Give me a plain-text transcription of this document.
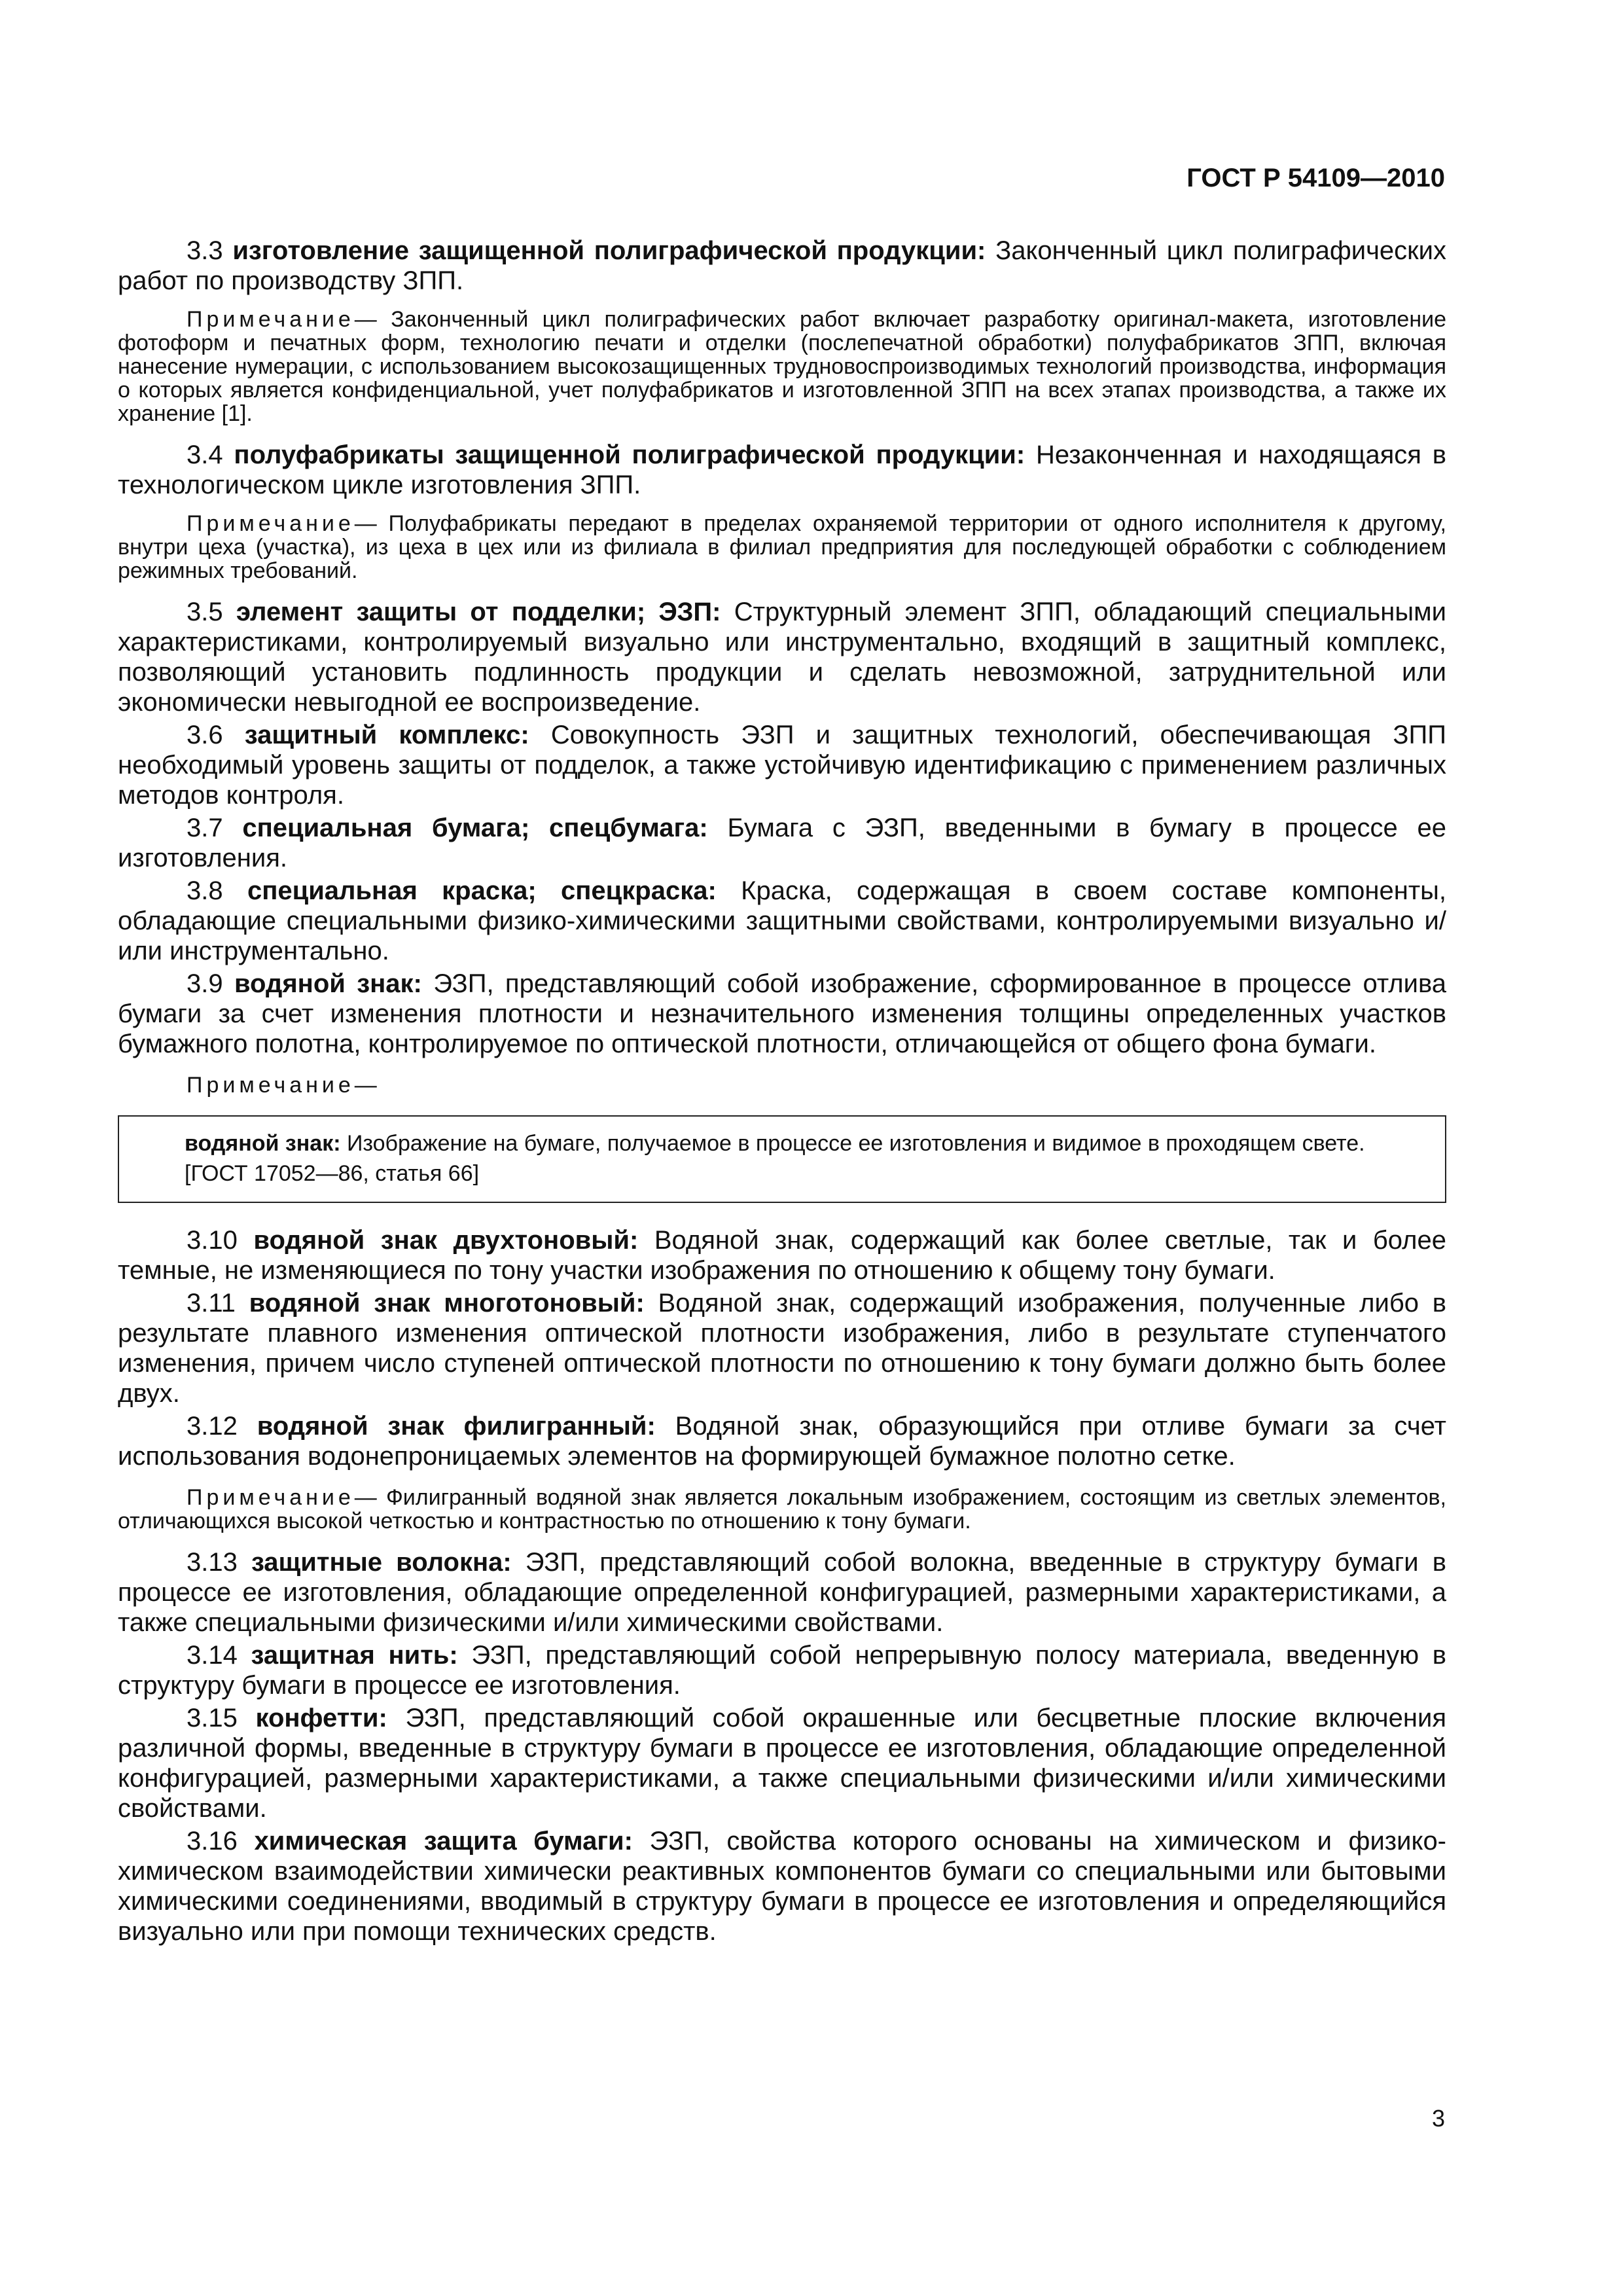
ГОСТ Р 54109—2010

3.3 изготовление защищенной полиграфической продукции: Законченный цикл полиграфических работ по производству ЗПП.

Примечание— Законченный цикл полиграфических работ включает разработку оригинал-макета, изготовление фотоформ и печатных форм, технологию печати и отделки (послепечатной обработки) полуфабрикатов ЗПП, включая нанесение нумерации, с использованием высокозащищенных трудновоспроизводимых технологий производства, информация о которых является конфиденциальной, учет полуфабрикатов и изготовленной ЗПП на всех этапах производства, а также их хранение [1].

3.4 полуфабрикаты защищенной полиграфической продукции: Незаконченная и находящаяся в технологическом цикле изготовления ЗПП.

Примечание— Полуфабрикаты передают в пределах охраняемой территории от одного исполнителя к другому, внутри цеха (участка), из цеха в цех или из филиала в филиал предприятия для последующей обработки с соблюдением режимных требований.

3.5 элемент защиты от подделки; ЭЗП: Структурный элемент ЗПП, обладающий специальными характеристиками, контролируемый визуально или инструментально, входящий в защитный комплекс, позволяющий установить подлинность продукции и сделать невозможной, затруднительной или экономически невыгодной ее воспроизведение.

3.6 защитный комплекс: Совокупность ЭЗП и защитных технологий, обеспечивающая ЗПП необходимый уровень защиты от подделок, а также устойчивую идентификацию с применением различных методов контроля.

3.7 специальная бумага; спецбумага: Бумага с ЭЗП, введенными в бумагу в процессе ее изготовления.

3.8 специальная краска; спецкраска: Краска, содержащая в своем составе компоненты, обладающие специальными физико-химическими защитными свойствами, контролируемыми визуально и/или инструментально.

3.9 водяной знак: ЭЗП, представляющий собой изображение, сформированное в процессе отлива бумаги за счет изменения плотности и незначительного изменения толщины определенных участков бумажного полотна, контролируемое по оптической плотности, отличающейся от общего фона бумаги.

Примечание—

водяной знак: Изображение на бумаге, получаемое в процессе ее изготовления и видимое в проходящем свете.

[ГОСТ 17052—86, статья 66]

3.10 водяной знак двухтоновый: Водяной знак, содержащий как более светлые, так и более темные, не изменяющиеся по тону участки изображения по отношению к общему тону бумаги.

3.11 водяной знак многотоновый: Водяной знак, содержащий изображения, полученные либо в результате плавного изменения оптической плотности изображения, либо в результате ступенчатого изменения, причем число ступеней оптической плотности по отношению к тону бумаги должно быть более двух.

3.12 водяной знак филигранный: Водяной знак, образующийся при отливе бумаги за счет использования водонепроницаемых элементов на формирующей бумажное полотно сетке.

Примечание— Филигранный водяной знак является локальным изображением, состоящим из светлых элементов, отличающихся высокой четкостью и контрастностью по отношению к тону бумаги.

3.13 защитные волокна: ЭЗП, представляющий собой волокна, введенные в структуру бумаги в процессе ее изготовления, обладающие определенной конфигурацией, размерными характеристиками, а также специальными физическими и/или химическими свойствами.

3.14 защитная нить: ЭЗП, представляющий собой непрерывную полосу материала, введенную в структуру бумаги в процессе ее изготовления.

3.15 конфетти: ЭЗП, представляющий собой окрашенные или бесцветные плоские включения различной формы, введенные в структуру бумаги в процессе ее изготовления, обладающие определенной конфигурацией, размерными характеристиками, а также специальными физическими и/или химическими свойствами.

3.16 химическая защита бумаги: ЭЗП, свойства которого основаны на химическом и физико-химическом взаимодействии химически реактивных компонентов бумаги со специальными или бытовыми химическими соединениями, вводимый в структуру бумаги в процессе ее изготовления и определяющийся визуально или при помощи технических средств.

3
